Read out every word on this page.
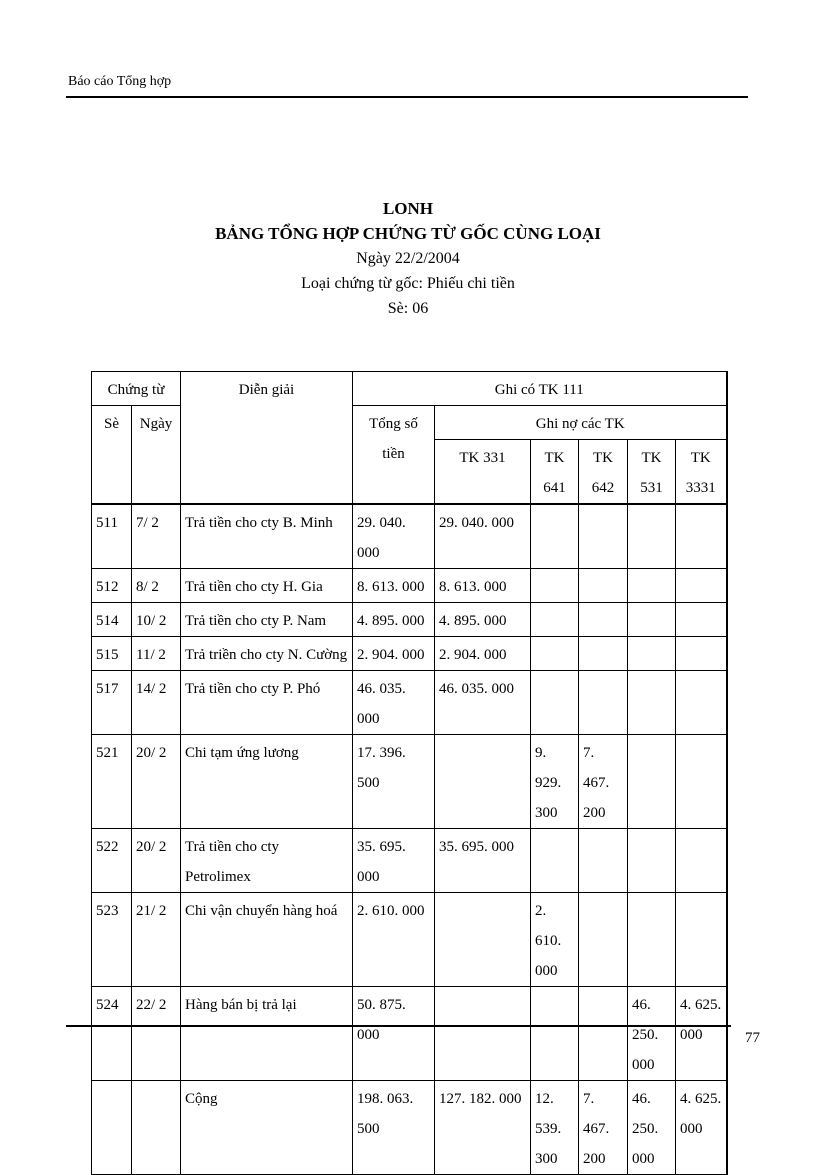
Báo cáo Tổng hợp
LONH
BẢNG TỔNG HỢP CHỨNG TỪ GỐC CÙNG LOẠI
Ngày 22/2/2004
Loại chứng từ gốc: Phiếu chi tiền
Sè: 06
Chứng từ		Diễn giải	Ghi có TK 111					
Sè	Ngày		Tổng số tiền	Ghi nợ các TK				
				TK 331	TK 641	TK 642	TK 531	TK 3331
511	7/ 2	Trả tiền cho cty B. Minh	29. 040. 000	29. 040. 000				
512	8/ 2	Trả tiền cho cty H. Gia	8. 613. 000	8. 613. 000				
514	10/ 2	Trả tiền cho cty P. Nam	4. 895. 000	4. 895. 000				
515	11/ 2	Trả triền cho cty N. Cường	2. 904. 000	2. 904. 000				
517	14/ 2	Trả tiền cho cty P. Phó	46. 035. 000	46. 035. 000				
521	20/ 2	Chi tạm ứng lương	17. 396. 500		9. 929. 300	7. 467. 200		
522	20/ 2	Trả tiền cho cty Petrolimex	35. 695. 000	35. 695. 000				
523	21/ 2	Chi vận chuyển hàng hoá	2. 610. 000		2. 610. 000			
524	22/ 2	Hàng bán bị trả lại	50. 875. 000				46. 250. 000	4. 625. 000
		Cộng	198. 063. 500	127. 182. 000	12. 539. 300	7. 467. 200	46. 250. 000	4. 625. 000
77
